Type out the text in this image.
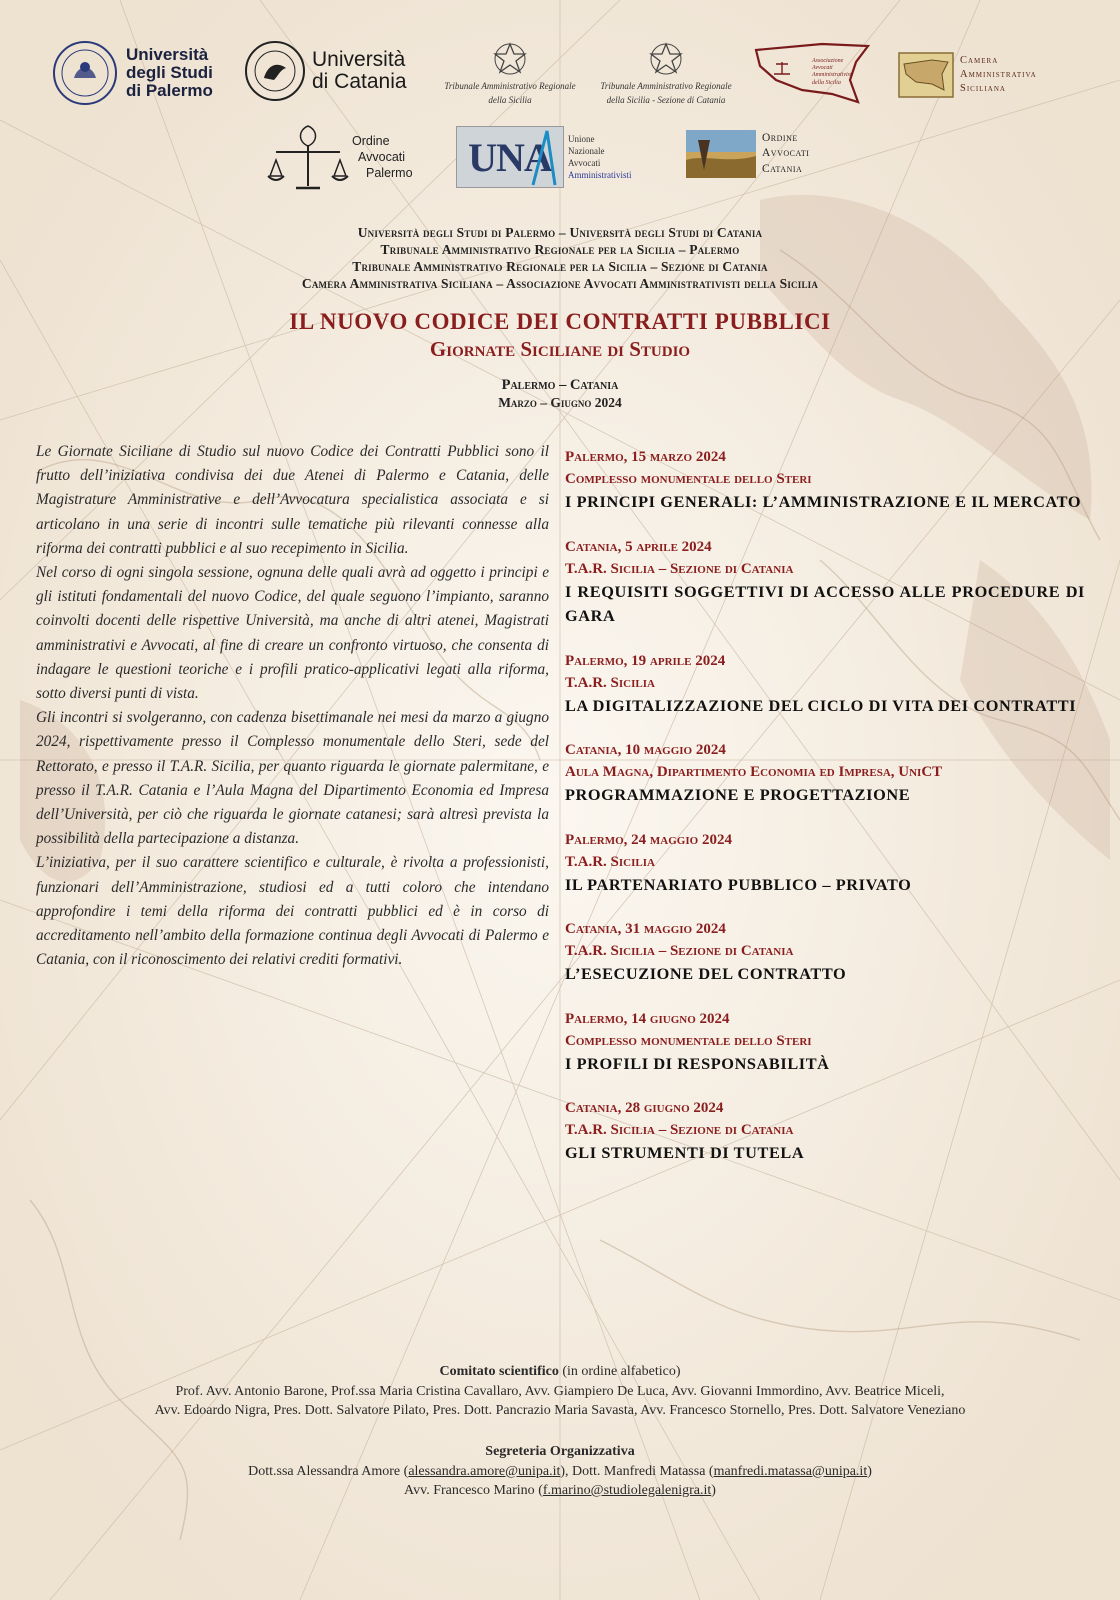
Università
degli Studi
di Palermo
Università
di Catania	Tribunale Amministrativo Regionale
della Sicilia
Tribunale Amministrativo Regionale
della Sicilia - Sezione di Catania
Associazione
Avvocati
Amministrativisti
della Sicilia
Camera
Amministrativa
Siciliana
Ordine
Avvocati
Palermo UNA Unione
Nazionale
Avvocati
Amministrativisti
Ordine
Avvocati
Catania
Università degli Studi di Palermo – Università degli Studi di Catania
Tribunale Amministrativo Regionale per la Sicilia – Palermo
Tribunale Amministrativo Regionale per la Sicilia – Sezione di Catania
Camera Amministrativa Siciliana – Associazione Avvocati Amministrativisti della Sicilia
IL NUOVO CODICE DEI CONTRATTI PUBBLICI
Giornate Siciliane di Studio
Palermo – Catania
Marzo – Giugno 2024

Le Giornate Siciliane di Studio sul nuovo Codice dei Contratti Pubblici sono il frutto dell’iniziativa condivisa dei due Atenei di Palermo e Catania, delle Magistrature Amministrative e dell’Avvocatura specialistica associata e si articolano in una serie di incontri sulle tematiche più rilevanti connesse alla riforma dei contratti pubblici e al suo recepimento in Sicilia.

Nel corso di ogni singola sessione, ognuna delle quali avrà ad oggetto i principi e gli istituti fondamentali del nuovo Codice, del quale seguono l’impianto, saranno coinvolti docenti delle rispettive Università, ma anche di altri atenei, Magistrati amministrativi e Avvocati, al fine di creare un confronto virtuoso, che consenta di indagare le questioni teoriche e i profili pratico-applicativi legati alla riforma, sotto diversi punti di vista.

Gli incontri si svolgeranno, con cadenza bisettimanale nei mesi da marzo a giugno 2024, rispettivamente presso il Complesso monumentale dello Steri, sede del Rettorato, e presso il T.A.R. Sicilia, per quanto riguarda le giornate palermitane, e presso il T.A.R. Catania e l’Aula Magna del Dipartimento Economia ed Impresa dell’Università, per ciò che riguarda le giornate catanesi; sarà altresì prevista la possibilità della partecipazione a distanza.

L’iniziativa, per il suo carattere scientifico e culturale, è rivolta a professionisti, funzionari dell’Amministrazione, studiosi ed a tutti coloro che intendano approfondire i temi della riforma dei contratti pubblici ed è in corso di accreditamento nell’ambito della formazione continua degli Avvocati di Palermo e Catania, con il riconoscimento dei relativi crediti formativi.

Palermo, 15 marzo 2024
Complesso monumentale dello Steri
I PRINCIPI GENERALI: L’AMMINISTRAZIONE E IL MERCATO
Catania, 5 aprile 2024
T.A.R. Sicilia – Sezione di Catania
I REQUISITI SOGGETTIVI DI ACCESSO ALLE PROCEDURE DI GARA
Palermo, 19 aprile 2024
T.A.R. Sicilia
LA DIGITALIZZAZIONE DEL CICLO DI VITA DEI CONTRATTI
Catania, 10 maggio 2024
Aula Magna, Dipartimento Economia ed Impresa, UniCT
PROGRAMMAZIONE E PROGETTAZIONE
Palermo, 24 maggio 2024
T.A.R. Sicilia
IL PARTENARIATO PUBBLICO – PRIVATO
Catania, 31 maggio 2024
T.A.R. Sicilia – Sezione di Catania
L’ESECUZIONE DEL CONTRATTO
Palermo, 14 giugno 2024
Complesso monumentale dello Steri
I PROFILI DI RESPONSABILITÀ
Catania, 28 giugno 2024
T.A.R. Sicilia – Sezione di Catania
GLI STRUMENTI DI TUTELA
Comitato scientifico (in ordine alfabetico)
Prof. Avv. Antonio Barone, Prof.ssa Maria Cristina Cavallaro, Avv. Giampiero De Luca, Avv. Giovanni Immordino, Avv. Beatrice Miceli,
Avv. Edoardo Nigra, Pres. Dott. Salvatore Pilato, Pres. Dott. Pancrazio Maria Savasta, Avv. Francesco Stornello, Pres. Dott. Salvatore Veneziano
Segreteria Organizzativa
Dott.ssa Alessandra Amore (alessandra.amore@unipa.it), Dott. Manfredi Matassa (manfredi.matassa@unipa.it)
Avv. Francesco Marino (f.marino@studiolegalenigra.it)
